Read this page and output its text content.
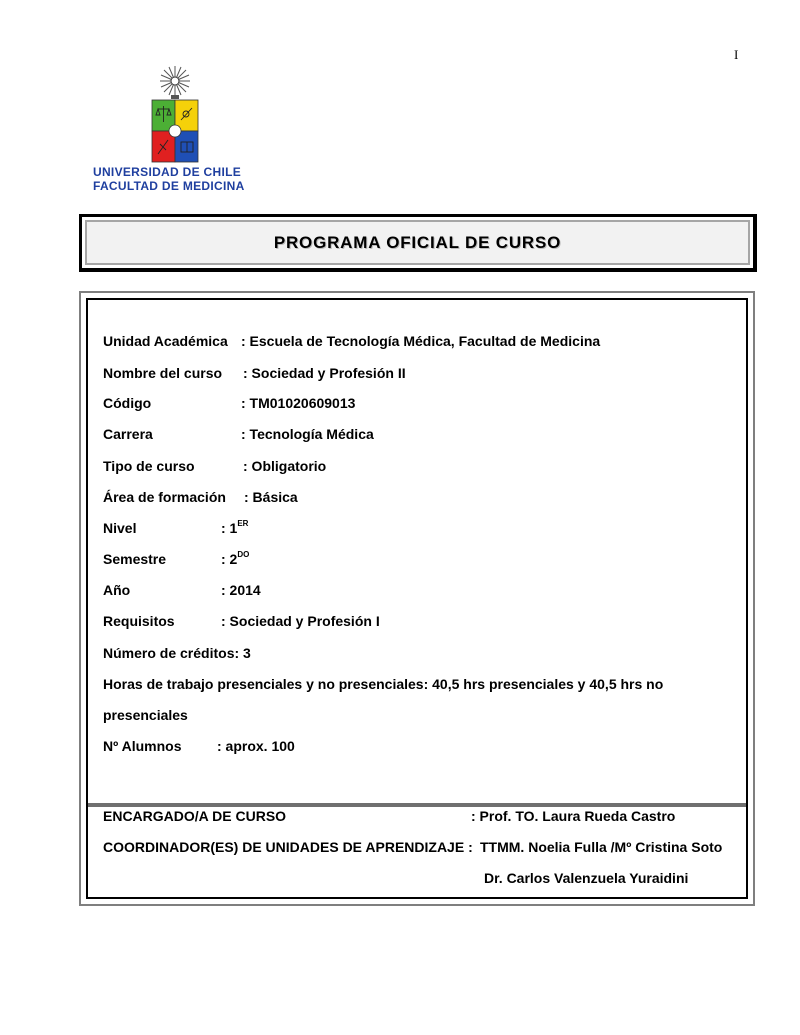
I
UNIVERSIDAD DE CHILE
FACULTAD DE MEDICINA
PROGRAMA OFICIAL DE CURSO
Unidad Académica : Escuela de Tecnología Médica, Facultad de Medicina
Nombre del curso : Sociedad y Profesión II
Código	: TM01020609013
Carrera	: Tecnología Médica
Tipo de curso	: Obligatorio
Área de formación : Básica
Nivel	: 1ER
Semestre	: $2^{DO}$
Año	: 2014
Requisitos	: Sociedad y Profesión I
Número de créditos: 3
Horas de trabajo presenciales y no presenciales: 40,5 hrs presenciales y 40,5 hrs no
presenciales
Nº Alumnos	: aprox. 100
ENCARGADO/A DE CURSO	: Prof. TO. Laura Rueda Castro
COORDINADOR(ES) DE UNIDADES DE APRENDIZAJE : TTMM. Noelia Fulla /Mº Cristina Soto
Dr. Carlos Valenzuela Yuraidini
